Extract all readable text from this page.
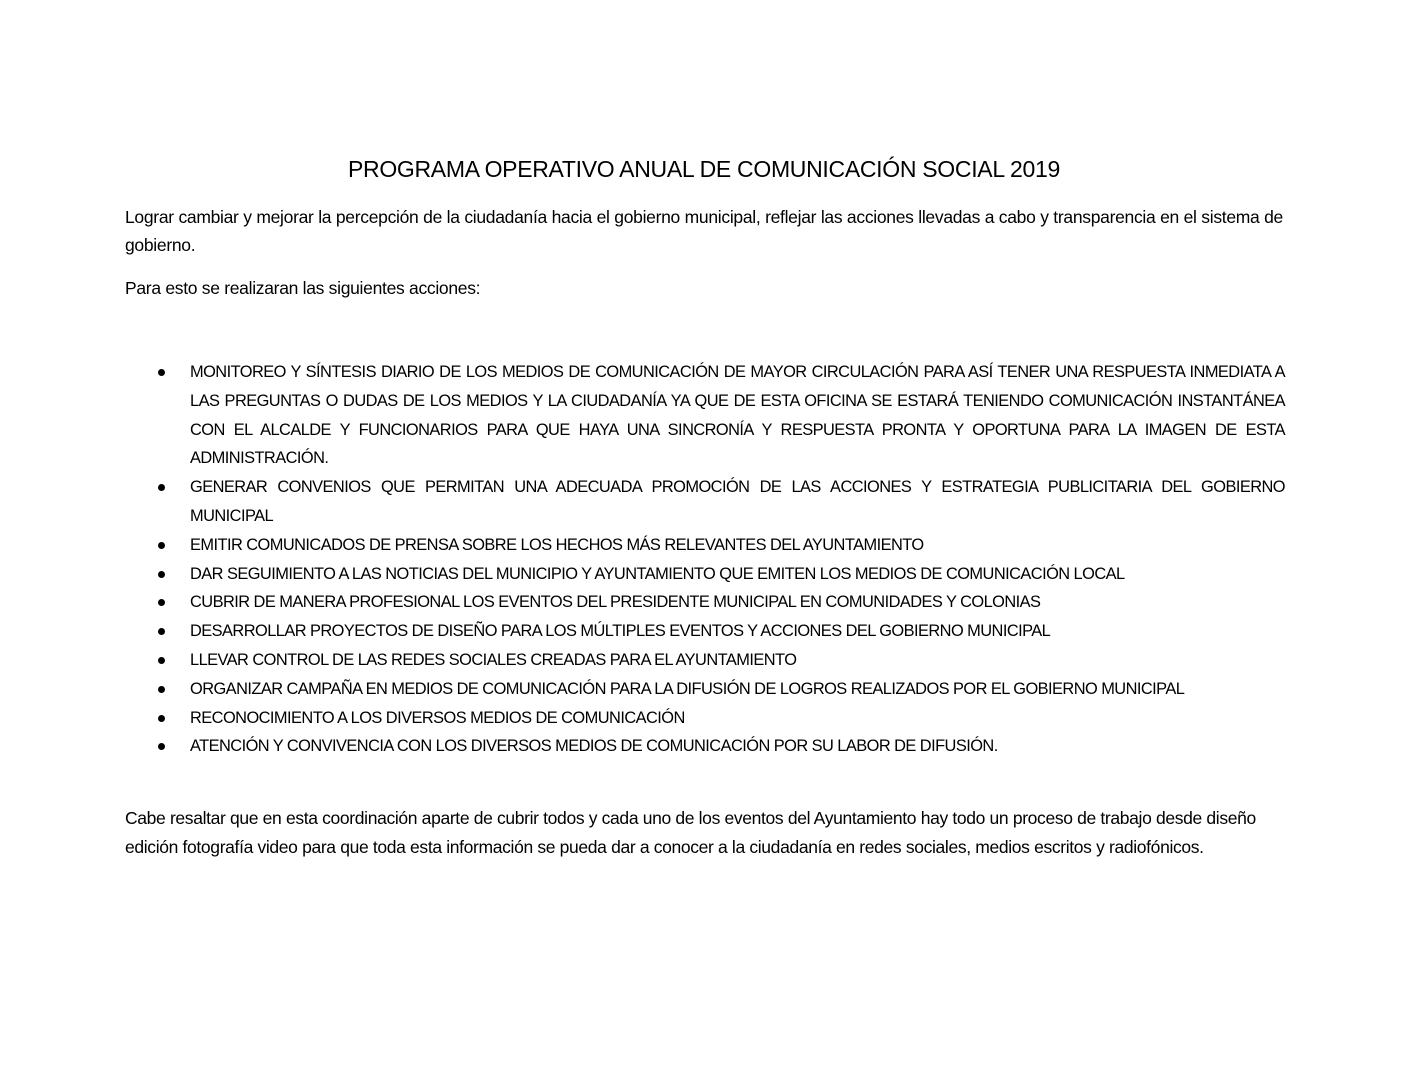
PROGRAMA OPERATIVO ANUAL DE COMUNICACIÓN SOCIAL 2019
Lograr cambiar y mejorar la percepción de la ciudadanía hacia el gobierno municipal, reflejar las acciones llevadas a cabo y transparencia en el sistema de gobierno.
Para esto se realizaran las siguientes acciones:
MONITOREO Y SÍNTESIS DIARIO DE LOS MEDIOS DE COMUNICACIÓN DE MAYOR CIRCULACIÓN PARA ASÍ TENER UNA RESPUESTA INMEDIATA A LAS PREGUNTAS O DUDAS DE LOS MEDIOS Y LA CIUDADANÍA YA QUE DE ESTA OFICINA SE ESTARÁ TENIENDO COMUNICACIÓN INSTANTÁNEA CON EL ALCALDE Y FUNCIONARIOS PARA QUE HAYA UNA SINCRONÍA Y RESPUESTA PRONTA Y OPORTUNA PARA LA IMAGEN DE ESTA ADMINISTRACIÓN.
GENERAR CONVENIOS QUE PERMITAN UNA ADECUADA PROMOCIÓN DE LAS ACCIONES Y ESTRATEGIA PUBLICITARIA DEL GOBIERNO MUNICIPAL
EMITIR COMUNICADOS DE PRENSA SOBRE LOS HECHOS MÁS RELEVANTES DEL AYUNTAMIENTO
DAR SEGUIMIENTO A LAS NOTICIAS DEL MUNICIPIO Y AYUNTAMIENTO QUE EMITEN LOS MEDIOS DE COMUNICACIÓN LOCAL
CUBRIR DE MANERA PROFESIONAL LOS EVENTOS DEL PRESIDENTE MUNICIPAL EN COMUNIDADES Y COLONIAS
DESARROLLAR PROYECTOS DE DISEÑO PARA LOS MÚLTIPLES EVENTOS Y ACCIONES DEL GOBIERNO MUNICIPAL
LLEVAR CONTROL DE LAS REDES SOCIALES CREADAS PARA EL AYUNTAMIENTO
ORGANIZAR CAMPAÑA EN MEDIOS DE COMUNICACIÓN PARA LA DIFUSIÓN DE LOGROS REALIZADOS POR EL GOBIERNO MUNICIPAL
RECONOCIMIENTO A LOS DIVERSOS MEDIOS DE COMUNICACIÓN
ATENCIÓN Y CONVIVENCIA CON LOS DIVERSOS MEDIOS DE COMUNICACIÓN POR SU LABOR DE DIFUSIÓN.
Cabe resaltar que en esta coordinación aparte de cubrir todos y cada uno de los eventos del Ayuntamiento hay todo un proceso de trabajo desde diseño edición fotografía video para que toda esta información se pueda dar a conocer a la ciudadanía en redes sociales, medios escritos y radiofónicos.
